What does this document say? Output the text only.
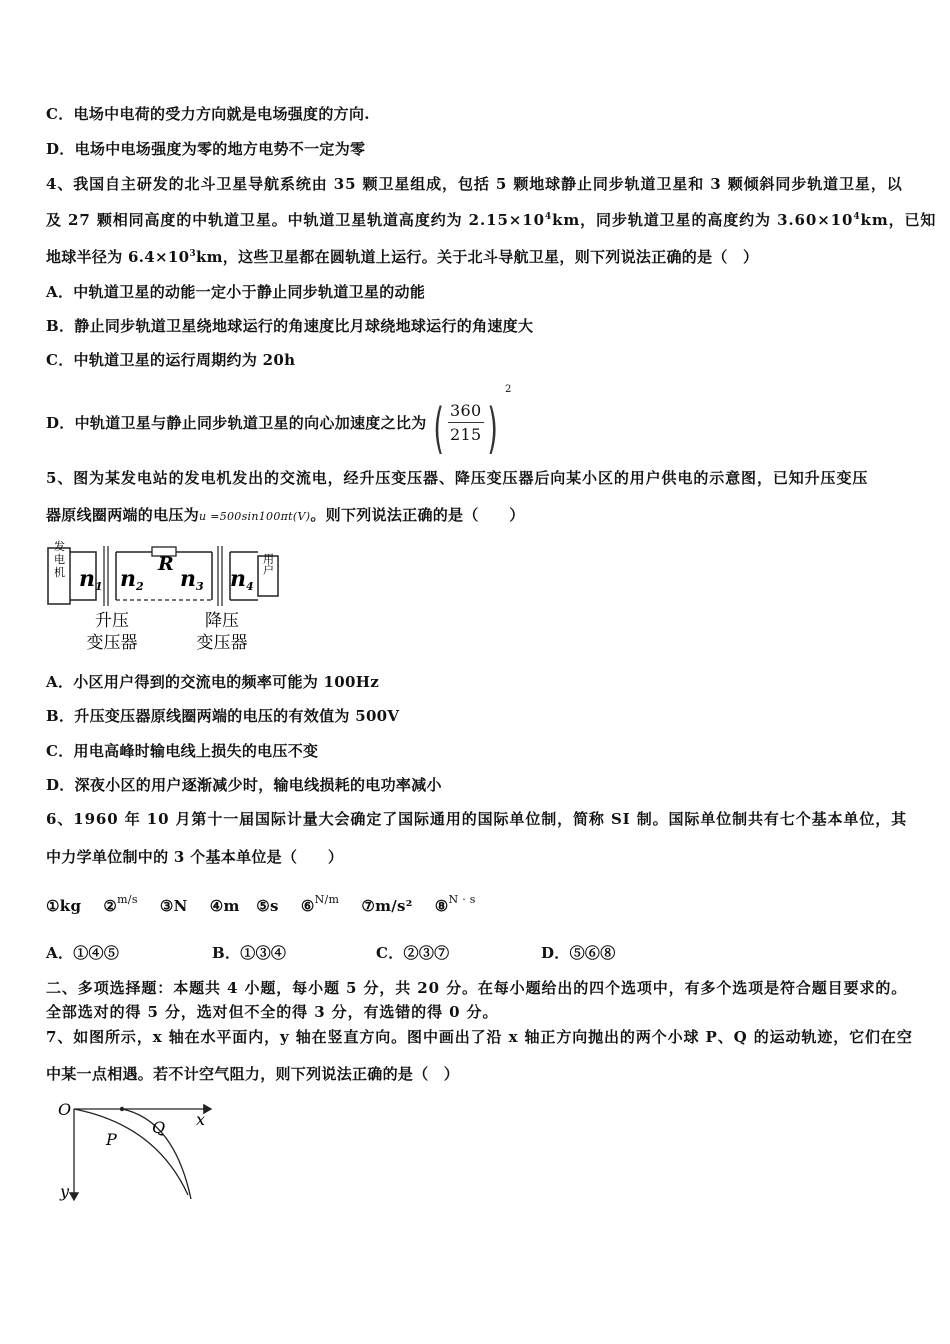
C．电场中电荷的受力方向就是电场强度的方向.
D．电场中电场强度为零的地方电势不一定为零
4、我国自主研发的北斗卫星导航系统由 35 颗卫星组成，包括 5 颗地球静止同步轨道卫星和 3 颗倾斜同步轨道卫星，以
及 27 颗相同高度的中轨道卫星。中轨道卫星轨道高度约为 $2.15\times 10^4km$，同步轨道卫星的高度约为 $3.60\times 10^4km$，已知
地球半径为 $6.4\times 10^3km$，这些卫星都在圆轨道上运行。关于北斗导航卫星，则下列说法正确的是（　）
A．中轨道卫星的动能一定小于静止同步轨道卫星的动能
B．静止同步轨道卫星绕地球运行的角速度比月球绕地球运行的角速度大
C．中轨道卫星的运行周期约为 20h
D．中轨道卫星与静止同步轨道卫星的向心加速度之比为 ( 360
215 )
$^2$
5、图为某发电站的发电机发出的交流电，经升压变压器、降压变压器后向某小区的用户供电的示意图，已知升压变压
器原线圈两端的电压为u =500sin100πt(V)。则下列说法正确的是（　　）
发电机 n1
R
n2 n3 n4
用户
升压
变压器
降压
变压器
A．小区用户得到的交流电的频率可能为 100Hz
B．升压变压器原线圈两端的电压的有效值为 500V
C．用电高峰时输电线上损失的电压不变
D．深夜小区的用户逐渐减少时，输电线损耗的电功率减小
6、1960 年 10 月第十一届国际计量大会确定了国际通用的国际单位制，简称 SI 制。国际单位制共有七个基本单位，其
中力学单位制中的 3 个基本单位是（　　）
①kg ②$^{m/s}$ ③N ④m ⑤s ⑥$^{N/m}$ ⑦m/s² ⑧$^{N \cdot s}$
A．①④⑤	B．①③④	C．②③⑦	D．⑤⑥⑧
二、多项选择题：本题共 4 小题，每小题 5 分，共 20 分。在每小题给出的四个选项中，有多个选项是符合题目要求的。
全部选对的得 5 分，选对但不全的得 3 分，有选错的得 0 分。
7、如图所示，x 轴在水平面内，y 轴在竖直方向。图中画出了沿 x 轴正方向抛出的两个小球 P、Q 的运动轨迹，它们在空
中某一点相遇。若不计空气阻力，则下列说法正确的是（　）
O
x
y
P
Q
